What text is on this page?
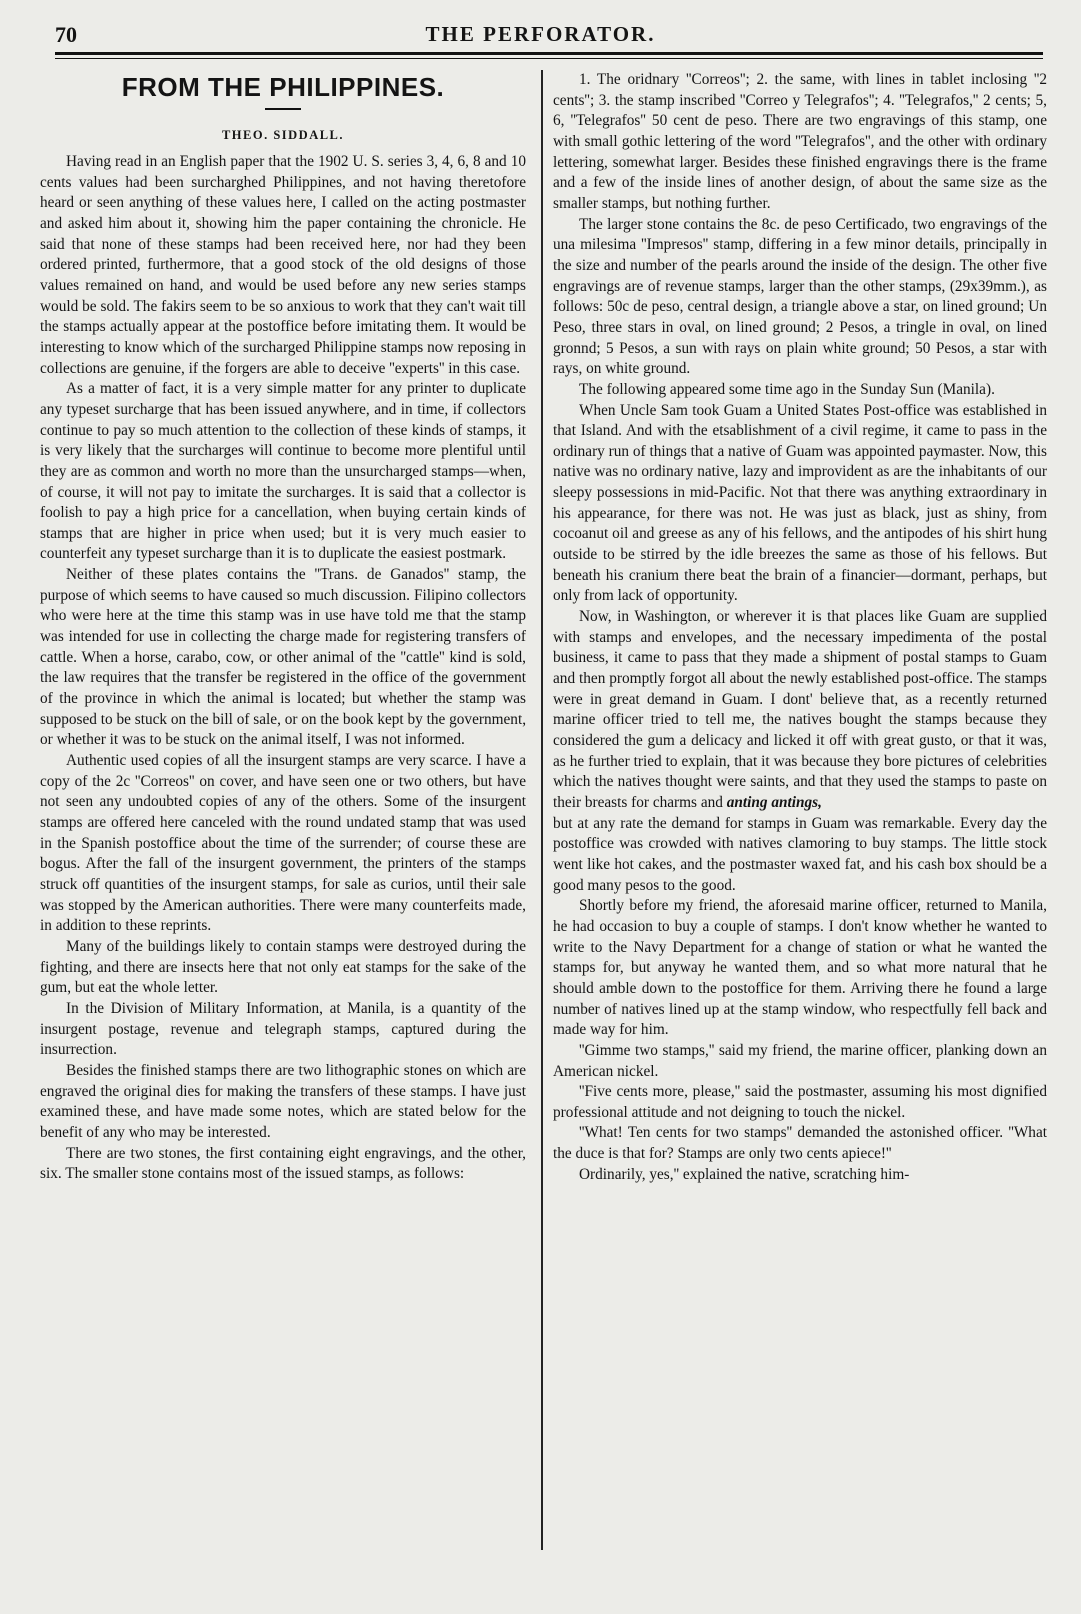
70	THE PERFORATOR.
FROM THE PHILIPPINES.
THEO. SIDDALL.

Having read in an English paper that the 1902 U. S. series 3, 4, 6, 8 and 10 cents values had been surcharghed Philippines, and not having theretofore heard or seen anything of these values here, I called on the acting postmaster and asked him about it, showing him the paper containing the chronicle. He said that none of these stamps had been received here, nor had they been ordered printed, furthermore, that a good stock of the old designs of those values remained on hand, and would be used before any new series stamps would be sold. The fakirs seem to be so anxious to work that they can't wait till the stamps actually appear at the postoffice before imitating them. It would be interesting to know which of the surcharged Philippine stamps now reposing in collections are genuine, if the forgers are able to deceive ''experts'' in this case.

As a matter of fact, it is a very simple matter for any printer to duplicate any typeset surcharge that has been issued anywhere, and in time, if collectors continue to pay so much attention to the collection of these kinds of stamps, it is very likely that the surcharges will continue to become more plentiful until they are as common and worth no more than the unsurcharged stamps—when, of course, it will not pay to imitate the surcharges. It is said that a collector is foolish to pay a high price for a cancellation, when buying certain kinds of stamps that are higher in price when used; but it is very much easier to counterfeit any typeset surcharge than it is to duplicate the easiest postmark.

Neither of these plates contains the ''Trans. de Ganados'' stamp, the purpose of which seems to have caused so much discussion. Filipino collectors who were here at the time this stamp was in use have told me that the stamp was intended for use in collecting the charge made for registering transfers of cattle. When a horse, carabo, cow, or other animal of the ''cattle'' kind is sold, the law requires that the transfer be registered in the office of the government of the province in which the animal is located; but whether the stamp was supposed to be stuck on the bill of sale, or on the book kept by the government, or whether it was to be stuck on the animal itself, I was not informed.

Authentic used copies of all the insurgent stamps are very scarce. I have a copy of the 2c ''Correos'' on cover, and have seen one or two others, but have not seen any undoubted copies of any of the others. Some of the insurgent stamps are offered here canceled with the round undated stamp that was used in the Spanish postoffice about the time of the surrender; of course these are bogus. After the fall of the insurgent government, the printers of the stamps struck off quantities of the insurgent stamps, for sale as curios, until their sale was stopped by the American authorities. There were many counterfeits made, in addition to these reprints.

Many of the buildings likely to contain stamps were destroyed during the fighting, and there are insects here that not only eat stamps for the sake of the gum, but eat the whole letter.

In the Division of Military Information, at Manila, is a quantity of the insurgent postage, revenue and telegraph stamps, captured during the insurrection.

Besides the finished stamps there are two lithographic stones on which are engraved the original dies for making the transfers of these stamps. I have just examined these, and have made some notes, which are stated below for the benefit of any who may be interested.

There are two stones, the first containing eight engravings, and the other, six. The smaller stone contains most of the issued stamps, as follows:

1. The oridnary ''Correos''; 2. the same, with lines in tablet inclosing ''2 cents''; 3. the stamp inscribed ''Correo y Telegrafos''; 4. ''Telegrafos,'' 2 cents; 5, 6, ''Telegrafos'' 50 cent de peso. There are two engravings of this stamp, one with small gothic lettering of the word ''Telegrafos'', and the other with ordinary lettering, somewhat larger. Besides these finished engravings there is the frame and a few of the inside lines of another design, of about the same size as the smaller stamps, but nothing further.

The larger stone contains the 8c. de peso Certificado, two engravings of the una milesima ''Impresos'' stamp, differing in a few minor details, principally in the size and number of the pearls around the inside of the design. The other five engravings are of revenue stamps, larger than the other stamps, (29x39mm.), as follows: 50c de peso, central design, a triangle above a star, on lined ground; Un Peso, three stars in oval, on lined ground; 2 Pesos, a tringle in oval, on lined gronnd; 5 Pesos, a sun with rays on plain white ground; 50 Pesos, a star with rays, on white ground.

The following appeared some time ago in the Sunday Sun (Manila).

When Uncle Sam took Guam a United States Post-office was established in that Island. And with the etsablishment of a civil regime, it came to pass in the ordinary run of things that a native of Guam was appointed paymaster. Now, this native was no ordinary native, lazy and improvident as are the inhabitants of our sleepy possessions in mid-Pacific. Not that there was anything extraordinary in his appearance, for there was not. He was just as black, just as shiny, from cocoanut oil and greese as any of his fellows, and the antipodes of his shirt hung outside to be stirred by the idle breezes the same as those of his fellows. But beneath his cranium there beat the brain of a financier—dormant, perhaps, but only from lack of opportunity.

Now, in Washington, or wherever it is that places like Guam are supplied with stamps and envelopes, and the necessary impedimenta of the postal business, it came to pass that they made a shipment of postal stamps to Guam and then promptly forgot all about the newly established post-office. The stamps were in great demand in Guam. I dont' believe that, as a recently returned marine officer tried to tell me, the natives bought the stamps because they considered the gum a delicacy and licked it off with great gusto, or that it was, as he further tried to explain, that it was because they bore pictures of celebrities which the natives thought were saints, and that they used the stamps to paste on their breasts for charms and anting antings,

but at any rate the demand for stamps in Guam was remarkable. Every day the postoffice was crowded with natives clamoring to buy stamps. The little stock went like hot cakes, and the postmaster waxed fat, and his cash box should be a good many pesos to the good.

Shortly before my friend, the aforesaid marine officer, returned to Manila, he had occasion to buy a couple of stamps. I don't know whether he wanted to write to the Navy Department for a change of station or what he wanted the stamps for, but anyway he wanted them, and so what more natural that he should amble down to the postoffice for them. Arriving there he found a large number of natives lined up at the stamp window, who respectfully fell back and made way for him.

''Gimme two stamps,'' said my friend, the marine officer, planking down an American nickel.

''Five cents more, please,'' said the postmaster, assuming his most dignified professional attitude and not deigning to touch the nickel.

''What! Ten cents for two stamps'' demanded the astonished officer. ''What the duce is that for? Stamps are only two cents apiece!''

Ordinarily, yes,'' explained the native, scratching him-
